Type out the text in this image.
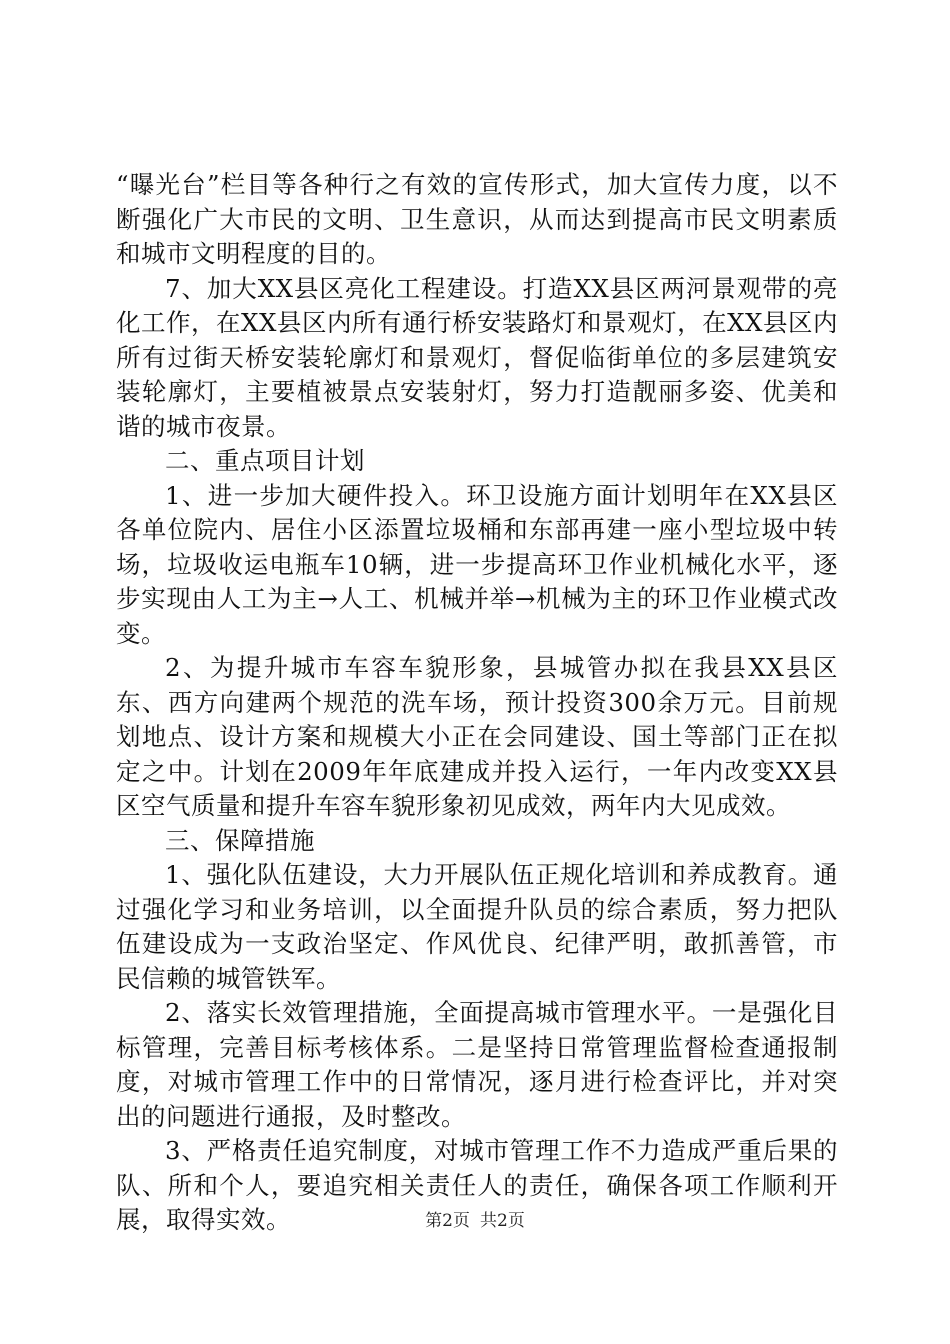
“曝光台”栏目等各种行之有效的宣传形式，加大宣传力度，以不断强化广大市民的文明、卫生意识，从而达到提高市民文明素质和城市文明程度的目的。

7、加大XX县区亮化工程建设。打造XX县区两河景观带的亮化工作，在XX县区内所有通行桥安装路灯和景观灯，在XX县区内所有过街天桥安装轮廓灯和景观灯，督促临街单位的多层建筑安装轮廓灯，主要植被景点安装射灯，努力打造靓丽多姿、优美和谐的城市夜景。

二、重点项目计划

1、进一步加大硬件投入。环卫设施方面计划明年在XX县区各单位院内、居住小区添置垃圾桶和东部再建一座小型垃圾中转场，垃圾收运电瓶车10辆，进一步提高环卫作业机械化水平，逐步实现由人工为主→人工、机械并举→机械为主的环卫作业模式改变。

2、为提升城市车容车貌形象，县城管办拟在我县XX县区东、西方向建两个规范的洗车场，预计投资300余万元。目前规划地点、设计方案和规模大小正在会同建设、国土等部门正在拟定之中。计划在2009年年底建成并投入运行，一年内改变XX县区空气质量和提升车容车貌形象初见成效，两年内大见成效。

三、保障措施

1、强化队伍建设，大力开展队伍正规化培训和养成教育。通过强化学习和业务培训，以全面提升队员的综合素质，努力把队伍建设成为一支政治坚定、作风优良、纪律严明，敢抓善管，市民信赖的城管铁军。

2、落实长效管理措施，全面提高城市管理水平。一是强化目标管理，完善目标考核体系。二是坚持日常管理监督检查通报制度，对城市管理工作中的日常情况，逐月进行检查评比，并对突出的问题进行通报，及时整改。

3、严格责任追究制度，对城市管理工作不力造成严重后果的队、所和个人，要追究相关责任人的责任，确保各项工作顺利开展，取得实效。	第2页 共2页
